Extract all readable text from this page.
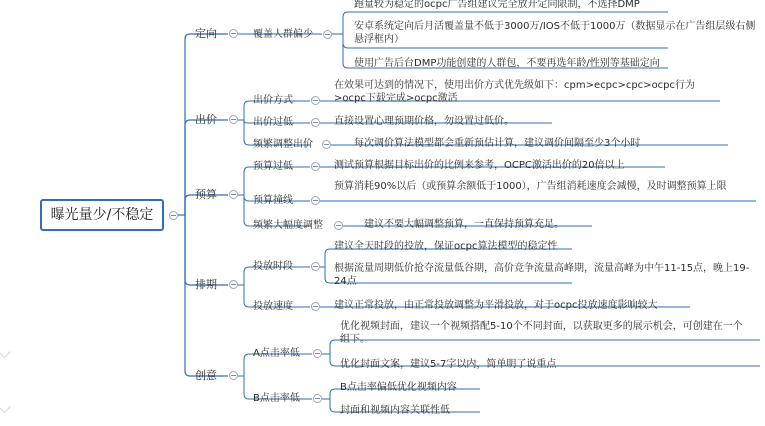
曝光量少/不稳定
定向
出价
预算
排期
创意
覆盖人群偏少
出价方式
出价过低
频繁调整出价
预算过低
预算撞线
频繁大幅度调整
投放时段
投放速度
A点击率低
B点击率低
跑量较为稳定的ocpc广告组建议完全放开定向限制，不选择DMP
安卓系统定向后月活覆盖量不低于3000万/IOS不低于1000万（数据显示在广告组层级右侧悬浮框内）
使用广告后台DMP功能创建的人群包，不要再选年龄/性别等基础定向
在效果可达到的情况下，使用出价方式优先级如下：cpm>ecpc>cpc>ocpc行为>ocpc下载完成>ocpc激活
直接设置心理预期价格，勿设置过低价。
每次调价算法模型都会重新预估计算，建议调价间隔至少3个小时
测试预算根据目标出价的比例来参考，OCPC激活出价的20倍以上
预算消耗90%以后（或预算余额低于1000），广告组消耗速度会减慢，及时调整预算上限
建议不要大幅调整预算，一直保持预算充足。
建议全天时段的投放，保证ocpc算法模型的稳定性
根据流量周期低价抢夺流量低谷期，高价竞争流量高峰期，流量高峰为中午11-15点，晚上19-24点
建议正常投放，由正常投放调整为平滑投放，对于ocpc投放速度影响较大
优化视频封面，建议一个视频搭配5-10个不同封面，以获取更多的展示机会，可创建在一个组下。
优化封面文案，建议5-7字以内，简单明了说重点
B点击率偏低优化视频内容
封面和视频内容关联性低
